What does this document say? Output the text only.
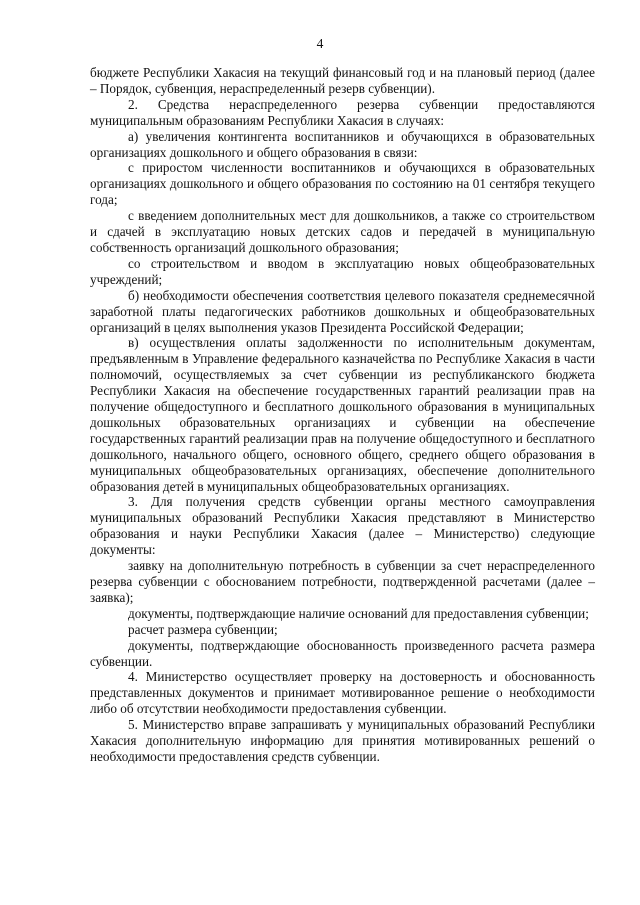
4

бюджете Республики Хакасия на текущий финансовый год и на плановый период (далее – Порядок, субвенция, нераспределенный резерв субвенции).

2. Средства нераспределенного резерва субвенции предоставляются муниципальным образованиям Республики Хакасия в случаях:

а) увеличения контингента воспитанников и обучающихся в образовательных организациях дошкольного и общего образования в связи:

с приростом численности воспитанников и обучающихся в образовательных организациях дошкольного и общего образования по состоянию на 01 сентября текущего года;

с введением дополнительных мест для дошкольников, а также со строительством и сдачей в эксплуатацию новых детских садов и передачей в муниципальную собственность организаций дошкольного образования;

со строительством и вводом в эксплуатацию новых общеобразовательных учреждений;

б) необходимости обеспечения соответствия целевого показателя среднемесячной заработной платы педагогических работников дошкольных и общеобразовательных организаций в целях выполнения указов Президента Российской Федерации;

в) осуществления оплаты задолженности по исполнительным документам, предъявленным в Управление федерального казначейства по Республике Хакасия в части полномочий, осуществляемых за счет субвенции из республиканского бюджета Республики Хакасия на обеспечение государственных гарантий реализации прав на получение общедоступного и бесплатного дошкольного образования в муниципальных дошкольных образовательных организациях и субвенции на обеспечение государственных гарантий реализации прав на получение общедоступного и бесплатного дошкольного, начального общего, основного общего, среднего общего образования в муниципальных общеобразовательных организациях, обеспечение дополнительного образования детей в муниципальных общеобразовательных организациях.

3. Для получения средств субвенции органы местного самоуправления муниципальных образований Республики Хакасия представляют в Министерство образования и науки Республики Хакасия (далее – Министерство) следующие документы:

заявку на дополнительную потребность в субвенции за счет нераспределенного резерва субвенции с обоснованием потребности, подтвержденной расчетами (далее – заявка);

документы, подтверждающие наличие оснований для предоставления субвенции;

расчет размера субвенции;

документы, подтверждающие обоснованность произведенного расчета размера субвенции.

4. Министерство осуществляет проверку на достоверность и обоснованность представленных документов и принимает мотивированное решение о необходимости либо об отсутствии необходимости предоставления субвенции.

5. Министерство вправе запрашивать у муниципальных образований Республики Хакасия дополнительную информацию для принятия мотивированных решений о необходимости предоставления средств субвенции.
